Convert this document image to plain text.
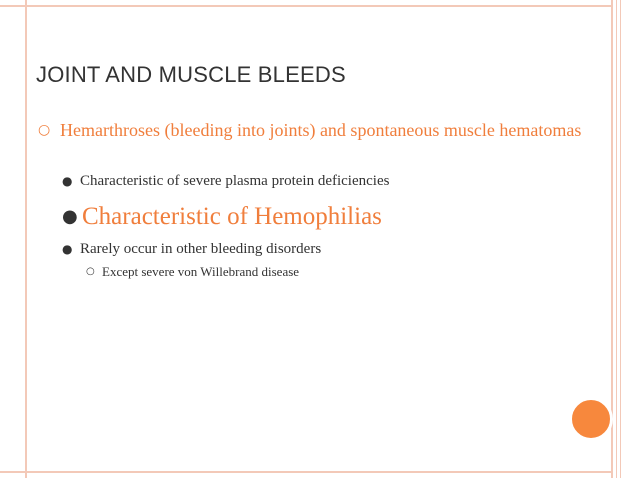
JOINT AND MUSCLE BLEEDS
○ Hemarthroses (bleeding into joints) and spontaneous muscle hematomas
● Characteristic of severe plasma protein deficiencies
● Characteristic of Hemophilias
● Rarely occur in other bleeding disorders
○ Except severe von Willebrand disease
